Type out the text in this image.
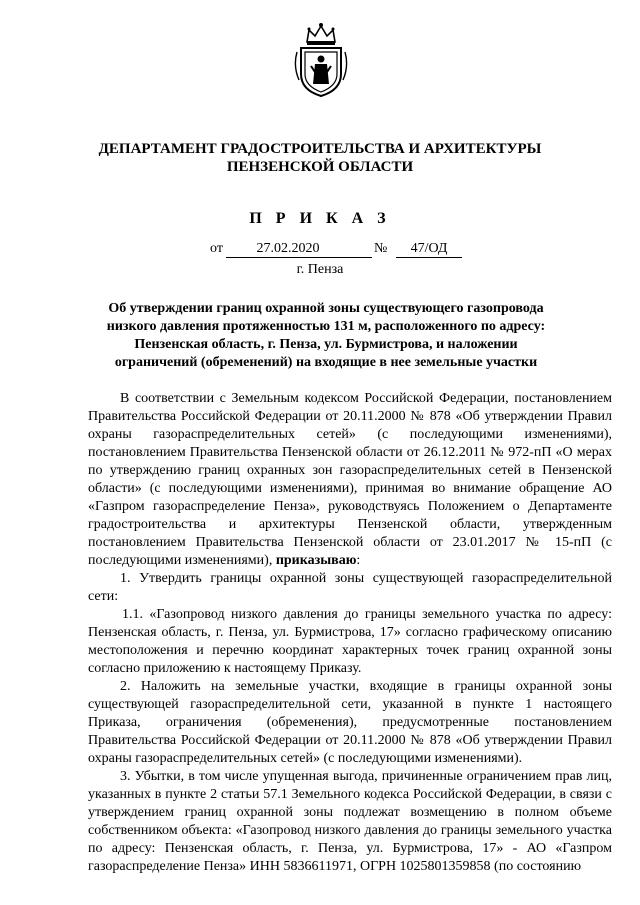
ДЕПАРТАМЕНТ ГРАДОСТРОИТЕЛЬСТВА И АРХИТЕКТУРЫ
ПЕНЗЕНСКОЙ ОБЛАСТИ
П Р И К А З
от	27.02.2020	№	47/ОД
г. Пенза
Об утверждении границ охранной зоны существующего газопровода низкого давления протяженностью 131 м, расположенного по адресу: Пензенская область, г. Пенза, ул. Бурмистрова, и наложении ограничений (обременений) на входящие в нее земельные участки

В соответствии с Земельным кодексом Российской Федерации, постановлением Правительства Российской Федерации от 20.11.2000 № 878 «Об утверждении Правил охраны газораспределительных сетей» (с последующими изменениями), постановлением Правительства Пензенской области от 26.12.2011 № 972-пП «О мерах по утверждению границ охранных зон газораспределительных сетей в Пензенской области» (с последующими изменениями), принимая во внимание обращение АО «Газпром газораспределение Пенза», руководствуясь Положением о Департаменте градостроительства и архитектуры Пензенской области, утвержденным постановлением Правительства Пензенской области от 23.01.2017 № 15-пП (с последующими изменениями), приказываю:

1. Утвердить границы охранной зоны существующей газораспределительной сети:

1.1. «Газопровод низкого давления до границы земельного участка по адресу: Пензенская область, г. Пенза, ул. Бурмистрова, 17» согласно графическому описанию местоположения и перечню координат характерных точек границ охранной зоны согласно приложению к настоящему Приказу.

2. Наложить на земельные участки, входящие в границы охранной зоны существующей газораспределительной сети, указанной в пункте 1 настоящего Приказа, ограничения (обременения), предусмотренные постановлением Правительства Российской Федерации от 20.11.2000 № 878 «Об утверждении Правил охраны газораспределительных сетей» (с последующими изменениями).

3. Убытки, в том числе упущенная выгода, причиненные ограничением прав лиц, указанных в пункте 2 статьи 57.1 Земельного кодекса Российской Федерации, в связи с утверждением границ охранной зоны подлежат возмещению в полном объеме собственником объекта: «Газопровод низкого давления до границы земельного участка по адресу: Пензенская область, г. Пенза, ул. Бурмистрова, 17» - АО «Газпром газораспределение Пенза» ИНН 5836611971, ОГРН 1025801359858 (по состоянию
